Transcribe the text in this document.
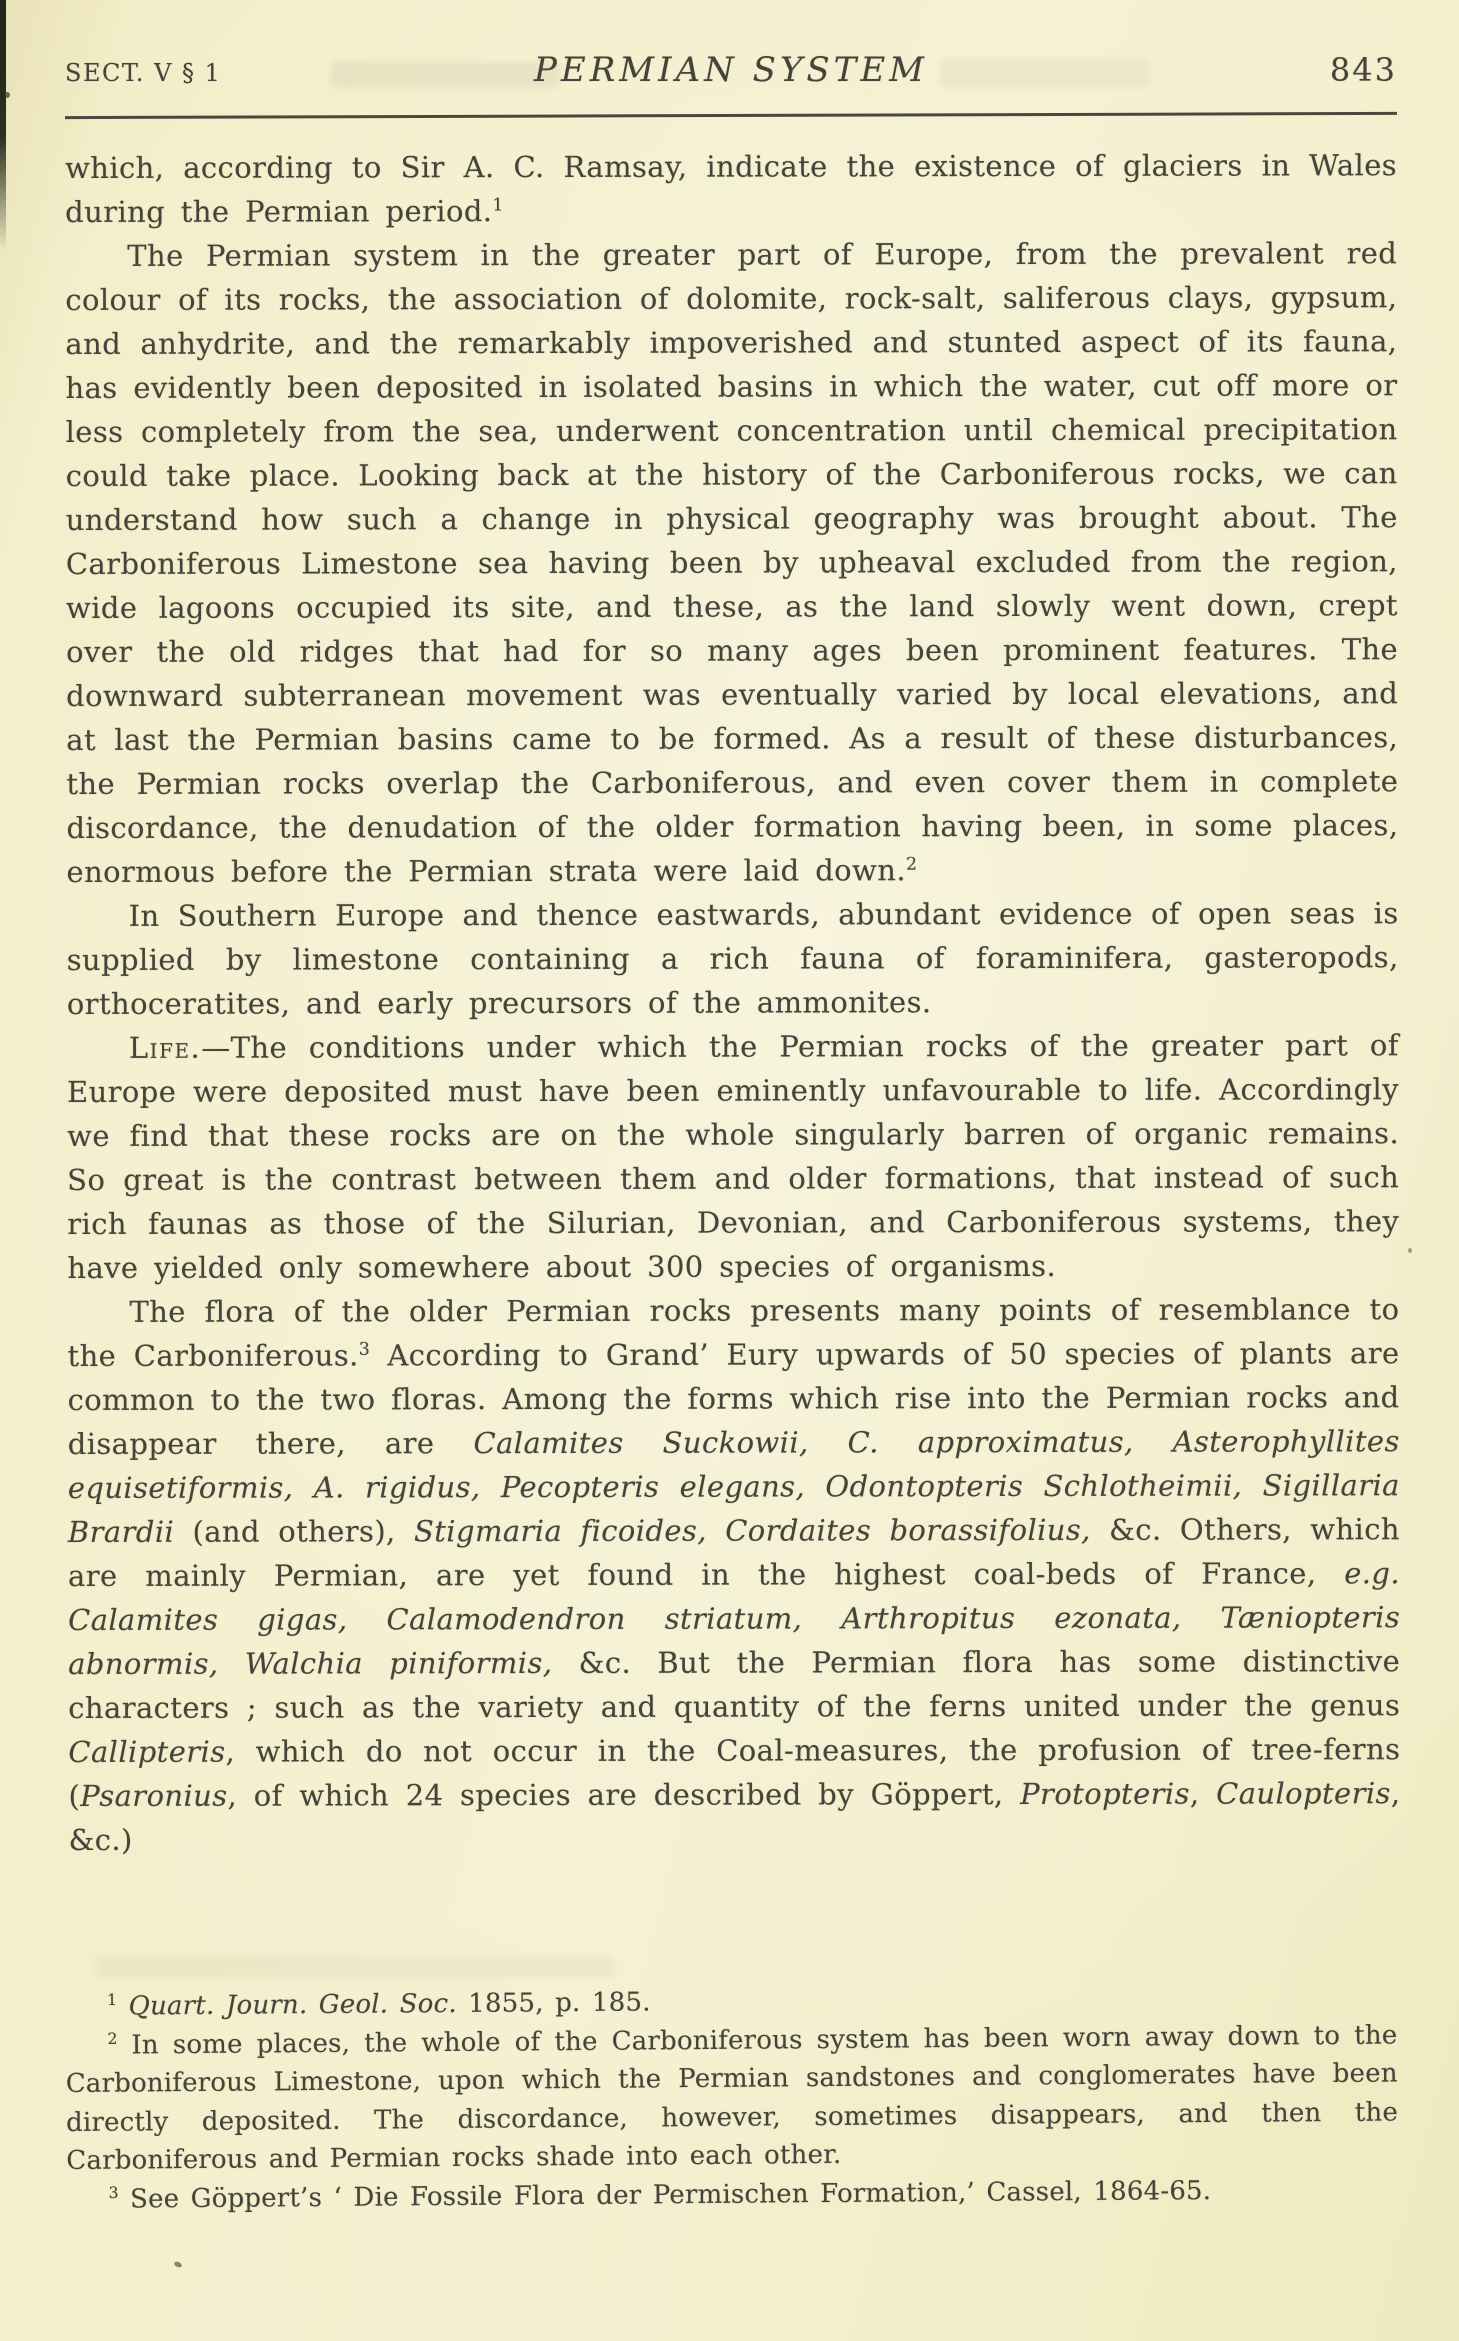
SECT. V § 1	PERMIAN SYSTEM	843

which, according to Sir A. C. Ramsay, indicate the existence of glaciers in Wales during the Permian period.$^1$

The Permian system in the greater part of Europe, from the prevalent red colour of its rocks, the association of dolomite, rock-salt, saliferous clays, gypsum, and anhydrite, and the remarkably impoverished and stunted aspect of its fauna, has evidently been deposited in isolated basins in which the water, cut off more or less completely from the sea, underwent concentration until chemical precipitation could take place. Looking back at the history of the Carboniferous rocks, we can understand how such a change in physical geography was brought about. The Carboniferous Limestone sea having been by upheaval excluded from the region, wide lagoons occupied its site, and these, as the land slowly went down, crept over the old ridges that had for so many ages been prominent features. The downward subterranean movement was eventually varied by local elevations, and at last the Permian basins came to be formed. As a result of these disturbances, the Permian rocks overlap the Carboniferous, and even cover them in complete discordance, the denudation of the older formation having been, in some places, enormous before the Permian strata were laid down.$^2$

In Southern Europe and thence eastwards, abundant evidence of open seas is supplied by limestone containing a rich fauna of foraminifera, gasteropods, orthoceratites, and early precursors of the ammonites.

Life.—The conditions under which the Permian rocks of the greater part of Europe were deposited must have been eminently unfavourable to life. Accordingly we find that these rocks are on the whole singularly barren of organic remains. So great is the contrast between them and older formations, that instead of such rich faunas as those of the Silurian, Devonian, and Carboniferous systems, they have yielded only somewhere about 300 species of organisms.

The flora of the older Permian rocks presents many points of resemblance to the Carboniferous.$^3$ According to Grand’ Eury upwards of 50 species of plants are common to the two floras. Among the forms which rise into the Permian rocks and disappear there, are Calamites Suckowii, C. approximatus, Asterophyllites equisetiformis, A. rigidus, Pecopteris elegans, Odontopteris Schlotheimii, Sigillaria Brardii (and others), Stigmaria ficoides, Cordaites borassifolius, &c. Others, which are mainly Permian, are yet found in the highest coal-beds of France, e.g. Calamites gigas, Calamodendron striatum, Arthropitus ezonata, Tæniopteris abnormis, Walchia piniformis, &c. But the Permian flora has some distinctive characters ; such as the variety and quantity of the ferns united under the genus Callipteris, which do not occur in the Coal-measures, the profusion of tree-ferns (Psaronius, of which 24 species are described by Göppert, Protopteris, Caulopteris, &c.)

$^1$ Quart. Journ. Geol. Soc. 1855, p. 185.

$^2$ In some places, the whole of the Carboniferous system has been worn away down to the Carboniferous Limestone, upon which the Permian sandstones and conglomerates have been directly deposited. The discordance, however, sometimes disappears, and then the Carboniferous and Permian rocks shade into each other.

$^3$ See Göppert’s ‘ Die Fossile Flora der Permischen Formation,’ Cassel, 1864-65.
